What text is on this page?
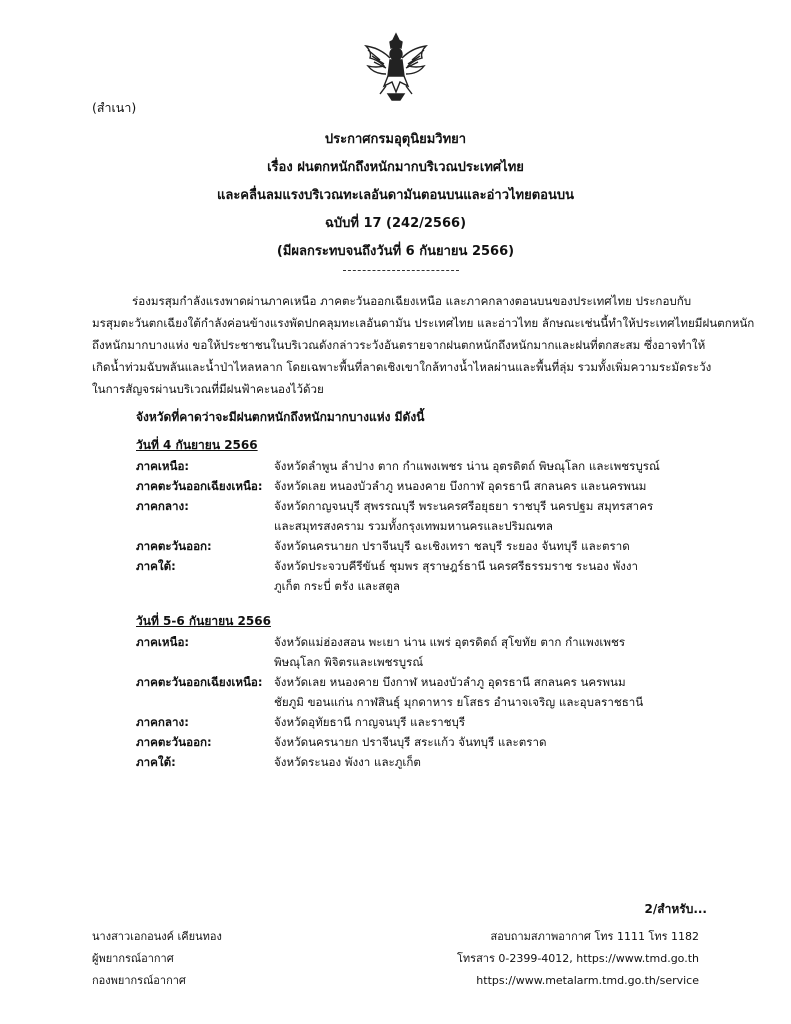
(สำเนา)
ประกาศกรมอุตุนิยมวิทยา
เรื่อง ฝนตกหนักถึงหนักมากบริเวณประเทศไทย
และคลื่นลมแรงบริเวณทะเลอันดามันตอนบนและอ่าวไทยตอนบน
ฉบับที่ 17 (242/2566)
(มีผลกระทบจนถึงวันที่ 6 กันยายน 2566)
ร่องมรสุมกำลังแรงพาดผ่านภาคเหนือ ภาคตะวันออกเฉียงเหนือ และภาคกลางตอนบนของประเทศไทย ประกอบกับ
มรสุมตะวันตกเฉียงใต้กำลังค่อนข้างแรงพัดปกคลุมทะเลอันดามัน ประเทศไทย และอ่าวไทย ลักษณะเช่นนี้ทำให้ประเทศไทยมีฝนตกหนัก
ถึงหนักมากบางแห่ง ขอให้ประชาชนในบริเวณดังกล่าวระวังอันตรายจากฝนตกหนักถึงหนักมากและฝนที่ตกสะสม ซึ่งอาจทำให้
เกิดน้ำท่วมฉับพลันและน้ำป่าไหลหลาก โดยเฉพาะพื้นที่ลาดเชิงเขาใกล้ทางน้ำไหลผ่านและพื้นที่ลุ่ม รวมทั้งเพิ่มความระมัดระวัง
ในการสัญจรผ่านบริเวณที่มีฝนฟ้าคะนองไว้ด้วย
จังหวัดที่คาดว่าจะมีฝนตกหนักถึงหนักมากบางแห่ง มีดังนี้
วันที่ 4 กันยายน 2566
ภาคเหนือ:	จังหวัดลำพูน ลำปาง ตาก กำแพงเพชร น่าน อุตรดิตถ์ พิษณุโลก และเพชรบูรณ์
ภาคตะวันออกเฉียงเหนือ: จังหวัดเลย หนองบัวลำภู หนองคาย บึงกาฬ อุดรธานี สกลนคร และนครพนม
ภาคกลาง:	จังหวัดกาญจนบุรี สุพรรณบุรี พระนครศรีอยุธยา ราชบุรี นครปฐม สมุทรสาคร
และสมุทรสงคราม รวมทั้งกรุงเทพมหานครและปริมณฑล
ภาคตะวันออก:	จังหวัดนครนายก ปราจีนบุรี ฉะเชิงเทรา ชลบุรี ระยอง จันทบุรี และตราด
ภาคใต้:	จังหวัดประจวบคีรีขันธ์ ชุมพร สุราษฎร์ธานี นครศรีธรรมราช ระนอง พังงา
ภูเก็ต กระบี่ ตรัง และสตูล
วันที่ 5-6 กันยายน 2566
ภาคเหนือ:	จังหวัดแม่ฮ่องสอน พะเยา น่าน แพร่ อุตรดิตถ์ สุโขทัย ตาก กำแพงเพชร
พิษณุโลก พิจิตรและเพชรบูรณ์
ภาคตะวันออกเฉียงเหนือ: จังหวัดเลย หนองคาย บึงกาฬ หนองบัวลำภู อุดรธานี สกลนคร นครพนม
ชัยภูมิ ขอนแก่น กาฬสินธุ์ มุกดาหาร ยโสธร อำนาจเจริญ และอุบลราชธานี
ภาคกลาง:	จังหวัดอุทัยธานี กาญจนบุรี และราชบุรี
ภาคตะวันออก:	จังหวัดนครนายก ปราจีนบุรี สระแก้ว จันทบุรี และตราด
ภาคใต้:	จังหวัดระนอง พังงา และภูเก็ต
2/สำหรับ...
นางสาวเอกอนงค์ เคียนทอง
ผู้พยากรณ์อากาศ
กองพยากรณ์อากาศ
สอบถามสภาพอากาศ โทร 1111 โทร 1182
โทรสาร 0-2399-4012, https://www.tmd.go.th
https://www.metalarm.tmd.go.th/service
